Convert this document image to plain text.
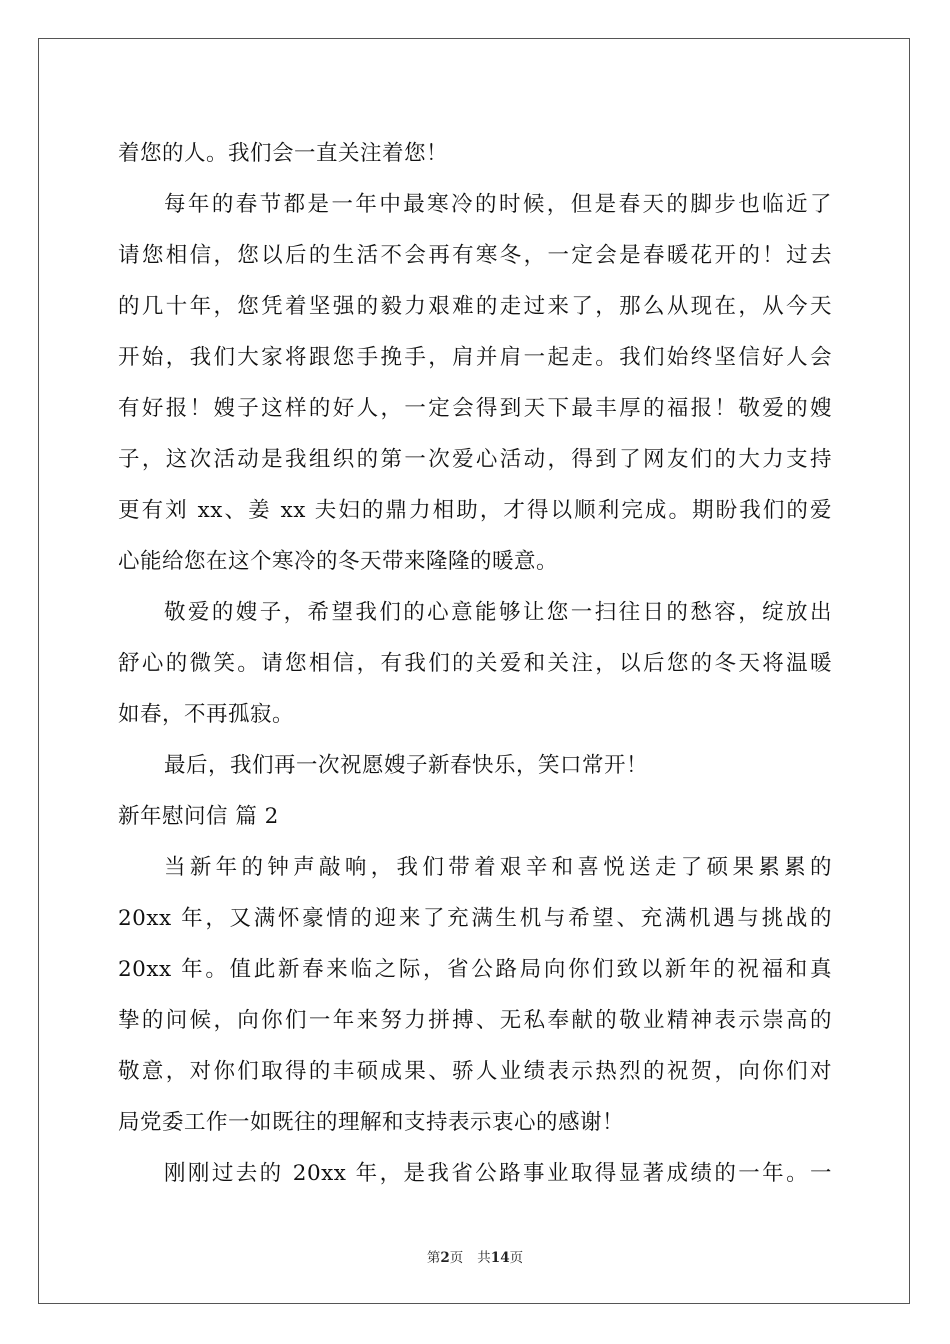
着您的人。我们会一直关注着您！
每年的春节都是一年中最寒冷的时候，但是春天的脚步也临近了
请您相信，您以后的生活不会再有寒冬，一定会是春暖花开的！过去
的几十年，您凭着坚强的毅力艰难的走过来了，那么从现在，从今天
开始，我们大家将跟您手挽手，肩并肩一起走。我们始终坚信好人会
有好报！嫂子这样的好人，一定会得到天下最丰厚的福报！敬爱的嫂
子，这次活动是我组织的第一次爱心活动，得到了网友们的大力支持
更有刘 xx、姜 xx 夫妇的鼎力相助，才得以顺利完成。期盼我们的爱
心能给您在这个寒冷的冬天带来隆隆的暖意。
敬爱的嫂子，希望我们的心意能够让您一扫往日的愁容，绽放出
舒心的微笑。请您相信，有我们的关爱和关注，以后您的冬天将温暖
如春，不再孤寂。
最后，我们再一次祝愿嫂子新春快乐，笑口常开！
新年慰问信 篇 2
当新年的钟声敲响，我们带着艰辛和喜悦送走了硕果累累的
20xx 年，又满怀豪情的迎来了充满生机与希望、充满机遇与挑战的
20xx 年。值此新春来临之际，省公路局向你们致以新年的祝福和真
挚的问候，向你们一年来努力拼搏、无私奉献的敬业精神表示崇高的
敬意，对你们取得的丰硕成果、骄人业绩表示热烈的祝贺，向你们对
局党委工作一如既往的理解和支持表示衷心的感谢！
刚刚过去的 20xx 年，是我省公路事业取得显著成绩的一年。一
第2页 共14页
